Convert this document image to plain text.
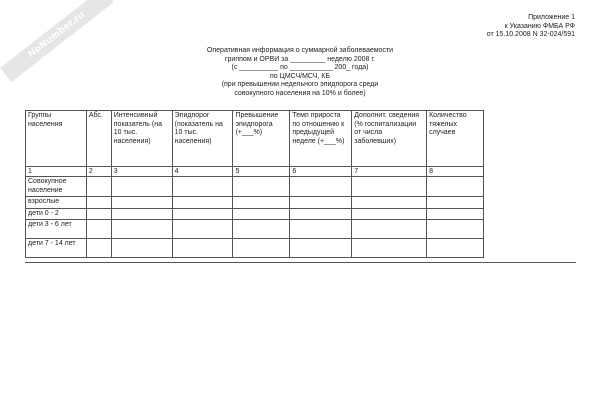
NoNumber.ru	Приложение 1
к Указанию ФМБА РФ
от 15.10.2008 N 32-024/591
Оперативная информация о суммарной заболеваемости
гриппом и ОРВИ за _________ неделю 2008 г.
(с __________ по ___________ 200_ года)
по ЦМСЧ/МСЧ, КБ
(при превышении недельного эпидпорога среди
совокупного населения на 10% и более)
Группы населения	Абс.	Интенсивный показатель (на 10 тыс. населения)	Эпидпорог (показатель на 10 тыс. населения)	Превышение эпидпорога (+___%)	Темп прироста по отношению к предыдущей неделе (+___%)	Дополнит. сведения (% госпитализации от числа заболевших)	Количество тяжелых случаев
1	2	3	4	5	6	7	8
Совокупное население							
взрослые							
дети 0 - 2							
дети 3 - 6 лет							
дети 7 - 14 лет							
